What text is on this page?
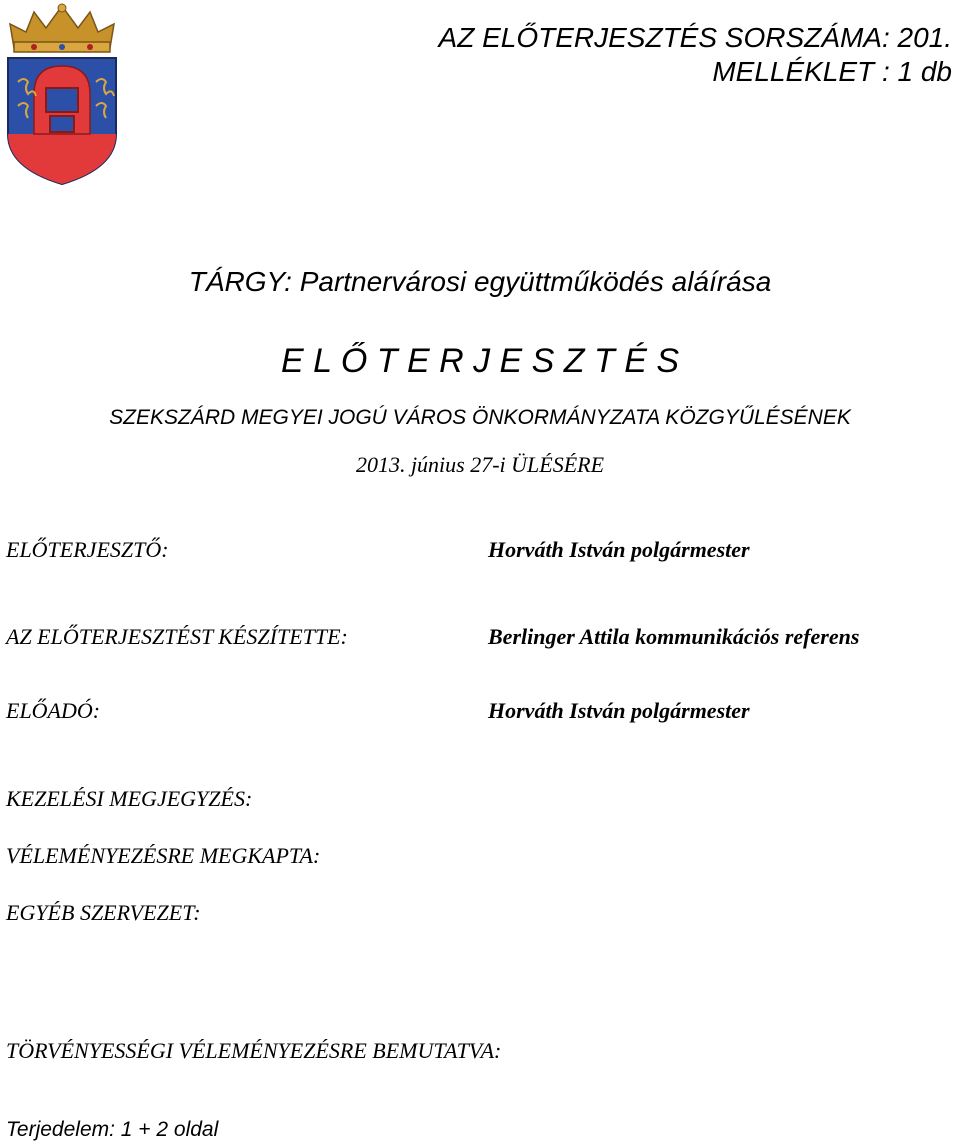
AZ ELŐTERJESZTÉS SORSZÁMA: 201.
MELLÉKLET : 1 db
TÁRGY: Partnervárosi együttműködés aláírása
E L Ő T E R J E S Z T É S
SZEKSZÁRD MEGYEI JOGÚ VÁROS ÖNKORMÁNYZATA KÖZGYŰLÉSÉNEK
2013. június 27-i ÜLÉSÉRE
ELŐTERJESZTŐ:	Horváth István polgármester
AZ ELŐTERJESZTÉST KÉSZÍTETTE:	Berlinger Attila kommunikációs referens
ELŐADÓ:	Horváth István polgármester
KEZELÉSI MEGJEGYZÉS:
VÉLEMÉNYEZÉSRE MEGKAPTA:
EGYÉB SZERVEZET:
TÖRVÉNYESSÉGI VÉLEMÉNYEZÉSRE BEMUTATVA:
Terjedelem: 1 + 2 oldal
